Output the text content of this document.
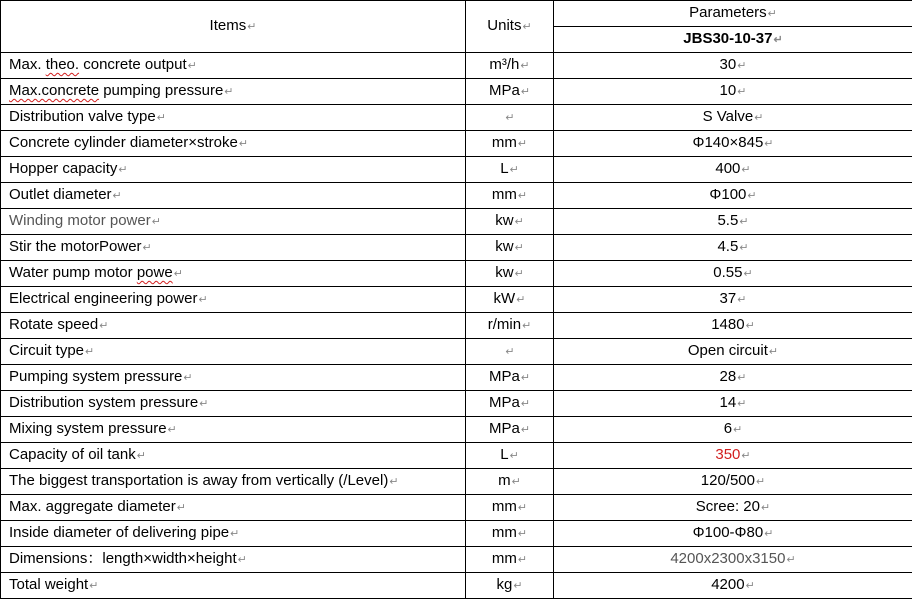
Items↵	Units↵	Parameters↵
		JBS30-10-37↵
Max. theo. concrete output↵	m³/h↵	30↵
Max.concrete pumping pressure↵	MPa↵	10↵
Distribution valve type↵	↵	S Valve↵
Concrete cylinder diameter×stroke↵	mm↵	Φ140×845↵
Hopper capacity↵	L↵	400↵
Outlet diameter↵	mm↵	Φ100↵
Winding motor power↵	kw↵	5.5↵
Stir the motorPower↵	kw↵	4.5↵
Water pump motor powe↵	kw↵	0.55↵
Electrical engineering power↵	kW↵	37↵
Rotate speed↵	r/min↵	1480↵
Circuit type↵	↵	Open circuit↵
Pumping system pressure↵	MPa↵	28↵
Distribution system pressure↵	MPa↵	14↵
Mixing system pressure↵	MPa↵	6↵
Capacity of oil tank↵	L↵	350↵
The biggest transportation is away from vertically (/Level)↵	m↵	120/500↵
Max. aggregate diameter↵	mm↵	Scree: 20↵
Inside diameter of delivering pipe↵	mm↵	Φ100-Φ80↵
Dimensions：length×width×height↵	mm↵	4200x2300x3150↵
Total weight↵	kg↵	4200↵
